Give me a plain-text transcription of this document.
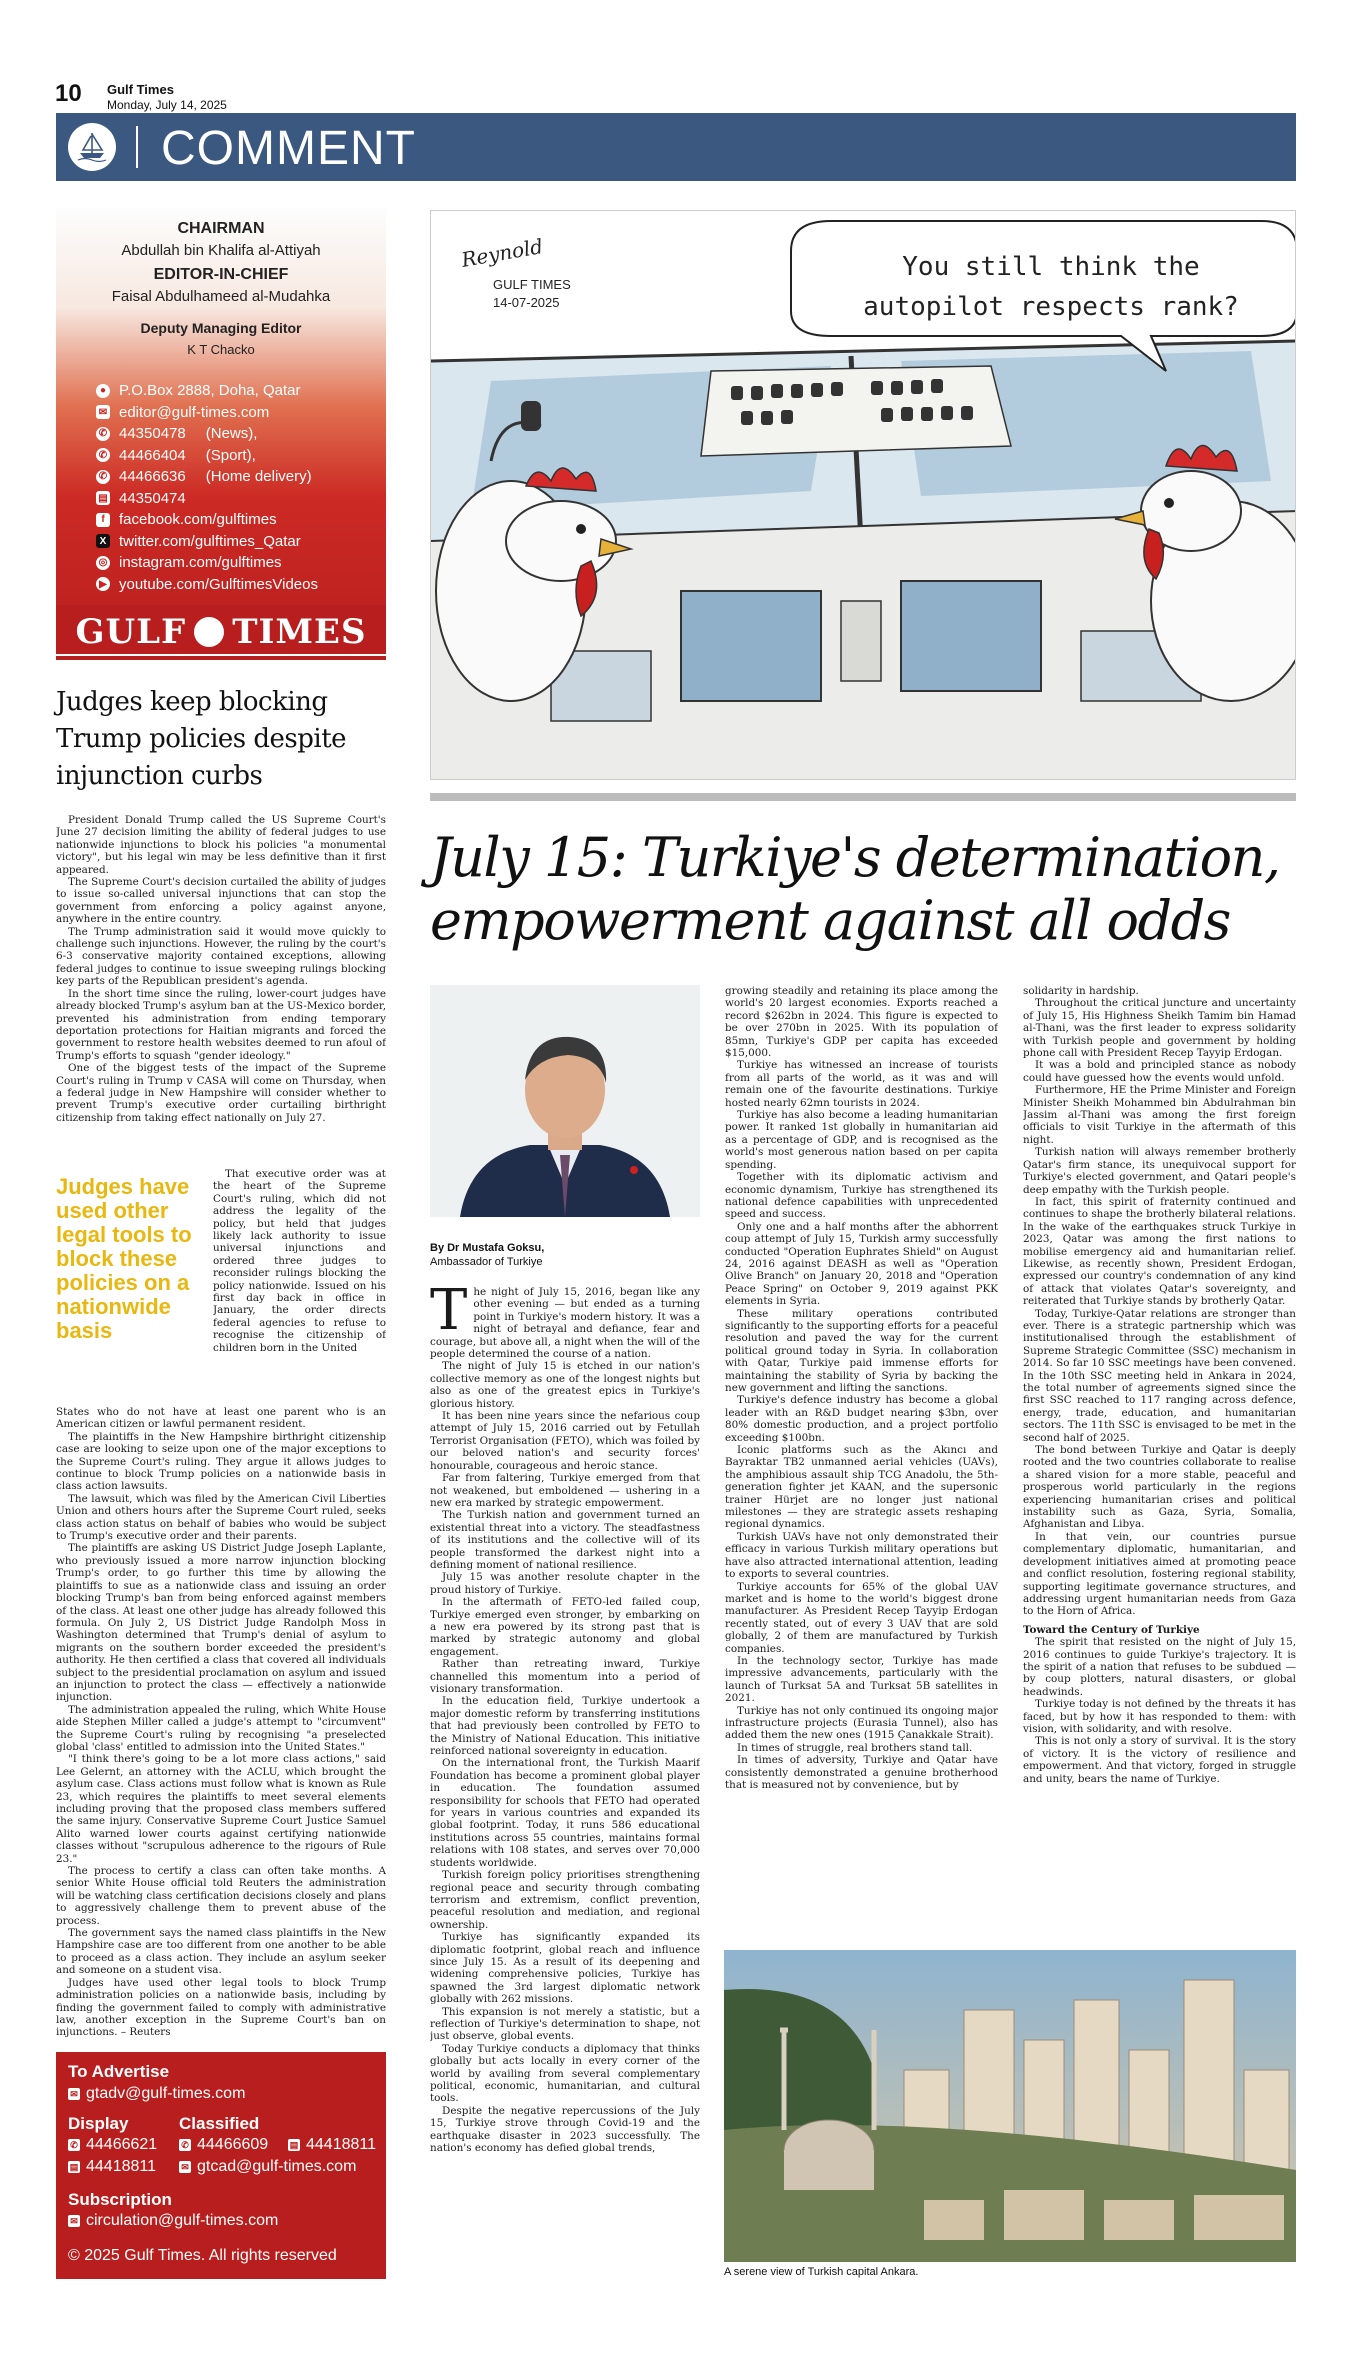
10 Gulf Times
Monday, July 14, 2025
COMMENT
CHAIRMAN
Abdullah bin Khalifa al-Attiyah
EDITOR-IN-CHIEF
Faisal Abdulhameed al-Mudahka
Deputy Managing Editor
K T Chacko
● P.O.Box 2888, Doha, Qatar
✉ editor@gulf-times.com
✆ 44350478 (News),
✆ 44466404 (Sport),
✆ 44466636 (Home delivery)
▤ 44350474
f facebook.com/gulftimes
X twitter.com/gulftimes_Qatar
◎ instagram.com/gulftimes
▶ youtube.com/GulftimesVideos
GULF TIMES
Judges keep blocking Trump policies despite injunction curbs

President Donald Trump called the US Supreme Court's June 27 decision limiting the ability of federal judges to use nationwide injunctions to block his policies "a monumental victory", but his legal win may be less definitive than it first appeared.

The Supreme Court's decision curtailed the ability of judges to issue so-called universal injunctions that can stop the government from enforcing a policy against anyone, anywhere in the entire country.

The Trump administration said it would move quickly to challenge such injunctions. However, the ruling by the court's 6-3 conservative majority contained exceptions, allowing federal judges to continue to issue sweeping rulings blocking key parts of the Republican president's agenda.

In the short time since the ruling, lower-court judges have already blocked Trump's asylum ban at the US-Mexico border, prevented his administration from ending temporary deportation protections for Haitian migrants and forced the government to restore health websites deemed to run afoul of Trump's efforts to squash "gender ideology."

One of the biggest tests of the impact of the Supreme Court's ruling in Trump v CASA will come on Thursday, when a federal judge in New Hampshire will consider whether to prevent Trump's executive order curtailing birthright citizenship from taking effect nationally on July 27.

Judges have used other legal tools to block these policies on a nationwide basis

That executive order was at the heart of the Supreme Court's ruling, which did not address the legality of the policy, but held that judges likely lack authority to issue universal injunctions and ordered three judges to reconsider rulings blocking the policy nationwide. Issued on his first day back in office in January, the order directs federal agencies to refuse to recognise the citizenship of children born in the United

States who do not have at least one parent who is an American citizen or lawful permanent resident.

The plaintiffs in the New Hampshire birthright citizenship case are looking to seize upon one of the major exceptions to the Supreme Court's ruling. They argue it allows judges to continue to block Trump policies on a nationwide basis in class action lawsuits.

The lawsuit, which was filed by the American Civil Liberties Union and others hours after the Supreme Court ruled, seeks class action status on behalf of babies who would be subject to Trump's executive order and their parents.

The plaintiffs are asking US District Judge Joseph Laplante, who previously issued a more narrow injunction blocking Trump's order, to go further this time by allowing the plaintiffs to sue as a nationwide class and issuing an order blocking Trump's ban from being enforced against members of the class. At least one other judge has already followed this formula. On July 2, US District Judge Randolph Moss in Washington determined that Trump's denial of asylum to migrants on the southern border exceeded the president's authority. He then certified a class that covered all individuals subject to the presidential proclamation on asylum and issued an injunction to protect the class — effectively a nationwide injunction.

The administration appealed the ruling, which White House aide Stephen Miller called a judge's attempt to "circumvent" the Supreme Court's ruling by recognising "a preselected global 'class' entitled to admission into the United States."

"I think there's going to be a lot more class actions," said Lee Gelernt, an attorney with the ACLU, which brought the asylum case. Class actions must follow what is known as Rule 23, which requires the plaintiffs to meet several elements including proving that the proposed class members suffered the same injury. Conservative Supreme Court Justice Samuel Alito warned lower courts against certifying nationwide classes without "scrupulous adherence to the rigours of Rule 23."

The process to certify a class can often take months. A senior White House official told Reuters the administration will be watching class certification decisions closely and plans to aggressively challenge them to prevent abuse of the process.

The government says the named class plaintiffs in the New Hampshire case are too different from one another to be able to proceed as a class action. They include an asylum seeker and someone on a student visa.

Judges have used other legal tools to block Trump administration policies on a nationwide basis, including by finding the government failed to comply with administrative law, another exception in the Supreme Court's ban on injunctions. – Reuters

To Advertise
✉ gtadv@gulf-times.com
Display
✆ 44466621
▤ 44418811
Classified
✆ 44466609 ▤ 44418811
✉ gtcad@gulf-times.com
Subscription
✉ circulation@gulf-times.com
© 2025 Gulf Times. All rights reserved
Reynold
GULF TIMES
14-07-2025
You still think the autopilot respects rank?
July 15: Turkiye's determination, empowerment against all odds
By Dr Mustafa Goksu,
Ambassador of Turkiye

The night of July 15, 2016, began like any other evening — but ended as a turning point in Turkiye's modern history. It was a night of betrayal and defiance, fear and courage, but above all, a night when the will of the people determined the course of a nation.

The night of July 15 is etched in our nation's collective memory as one of the longest nights but also as one of the greatest epics in Turkiye's glorious history.

It has been nine years since the nefarious coup attempt of July 15, 2016 carried out by Fetullah Terrorist Organisation (FETO), which was foiled by our beloved nation's and security forces' honourable, courageous and heroic stance.

Far from faltering, Turkiye emerged from that not weakened, but emboldened — ushering in a new era marked by strategic empowerment.

The Turkish nation and government turned an existential threat into a victory. The steadfastness of its institutions and the collective will of its people transformed the darkest night into a defining moment of national resilience.

July 15 was another resolute chapter in the proud history of Turkiye.

In the aftermath of FETO-led failed coup, Turkiye emerged even stronger, by embarking on a new era powered by its strong past that is marked by strategic autonomy and global engagement.

Rather than retreating inward, Turkiye channelled this momentum into a period of visionary transformation.

In the education field, Turkiye undertook a major domestic reform by transferring institutions that had previously been controlled by FETO to the Ministry of National Education. This initiative reinforced national sovereignty in education.

On the international front, the Turkish Maarif Foundation has become a prominent global player in education. The foundation assumed responsibility for schools that FETO had operated for years in various countries and expanded its global footprint. Today, it runs 586 educational institutions across 55 countries, maintains formal relations with 108 states, and serves over 70,000 students worldwide.

Turkish foreign policy prioritises strengthening regional peace and security through combating terrorism and extremism, conflict prevention, peaceful resolution and mediation, and regional ownership.

Turkiye has significantly expanded its diplomatic footprint, global reach and influence since July 15. As a result of its deepening and widening comprehensive policies, Turkiye has spawned the 3rd largest diplomatic network globally with 262 missions.

This expansion is not merely a statistic, but a reflection of Turkiye's determination to shape, not just observe, global events.

Today Turkiye conducts a diplomacy that thinks globally but acts locally in every corner of the world by availing from several complementary political, economic, humanitarian, and cultural tools.

Despite the negative repercussions of the July 15, Turkiye strove through Covid-19 and the earthquake disaster in 2023 successfully. The nation's economy has defied global trends,

growing steadily and retaining its place among the world's 20 largest economies. Exports reached a record $262bn in 2024. This figure is expected to be over 270bn in 2025. With its population of 85mn, Turkiye's GDP per capita has exceeded $15,000.

Turkiye has witnessed an increase of tourists from all parts of the world, as it was and will remain one of the favourite destinations. Turkiye hosted nearly 62mn tourists in 2024.

Turkiye has also become a leading humanitarian power. It ranked 1st globally in humanitarian aid as a percentage of GDP, and is recognised as the world's most generous nation based on per capita spending.

Together with its diplomatic activism and economic dynamism, Turkiye has strengthened its national defence capabilities with unprecedented speed and success.

Only one and a half months after the abhorrent coup attempt of July 15, Turkish army successfully conducted "Operation Euphrates Shield" on August 24, 2016 against DEASH as well as "Operation Olive Branch" on January 20, 2018 and "Operation Peace Spring" on October 9, 2019 against PKK elements in Syria.

These military operations contributed significantly to the supporting efforts for a peaceful resolution and paved the way for the current political ground today in Syria. In collaboration with Qatar, Turkiye paid immense efforts for maintaining the stability of Syria by backing the new government and lifting the sanctions.

Turkiye's defence industry has become a global leader with an R&D budget nearing $3bn, over 80% domestic production, and a project portfolio exceeding $100bn.

Iconic platforms such as the Akıncı and Bayraktar TB2 unmanned aerial vehicles (UAVs), the amphibious assault ship TCG Anadolu, the 5th-generation fighter jet KAAN, and the supersonic trainer Hürjet are no longer just national milestones — they are strategic assets reshaping regional dynamics.

Turkish UAVs have not only demonstrated their efficacy in various Turkish military operations but have also attracted international attention, leading to exports to several countries.

Turkiye accounts for 65% of the global UAV market and is home to the world's biggest drone manufacturer. As President Recep Tayyip Erdogan recently stated, out of every 3 UAV that are sold globally, 2 of them are manufactured by Turkish companies.

In the technology sector, Turkiye has made impressive advancements, particularly with the launch of Turksat 5A and Turksat 5B satellites in 2021.

Turkiye has not only continued its ongoing major infrastructure projects (Eurasia Tunnel), also has added them the new ones (1915 Çanakkale Strait).

In times of struggle, real brothers stand tall.

In times of adversity, Turkiye and Qatar have consistently demonstrated a genuine brotherhood that is measured not by convenience, but by

solidarity in hardship.

Throughout the critical juncture and uncertainty of July 15, His Highness Sheikh Tamim bin Hamad al-Thani, was the first leader to express solidarity with Turkish people and government by holding phone call with President Recep Tayyip Erdogan.

It was a bold and principled stance as nobody could have guessed how the events would unfold.

Furthermore, HE the Prime Minister and Foreign Minister Sheikh Mohammed bin Abdulrahman bin Jassim al-Thani was among the first foreign officials to visit Turkiye in the aftermath of this night.

Turkish nation will always remember brotherly Qatar's firm stance, its unequivocal support for Turkiye's elected government, and Qatari people's deep empathy with the Turkish people.

In fact, this spirit of fraternity continued and continues to shape the brotherly bilateral relations. In the wake of the earthquakes struck Turkiye in 2023, Qatar was among the first nations to mobilise emergency aid and humanitarian relief. Likewise, as recently shown, President Erdogan, expressed our country's condemnation of any kind of attack that violates Qatar's sovereignty, and reiterated that Turkiye stands by brotherly Qatar.

Today, Turkiye-Qatar relations are stronger than ever. There is a strategic partnership which was institutionalised through the establishment of Supreme Strategic Committee (SSC) mechanism in 2014. So far 10 SSC meetings have been convened. In the 10th SSC meeting held in Ankara in 2024, the total number of agreements signed since the first SSC reached to 117 ranging across defence, energy, trade, education, and humanitarian sectors. The 11th SSC is envisaged to be met in the second half of 2025.

The bond between Turkiye and Qatar is deeply rooted and the two countries collaborate to realise a shared vision for a more stable, peaceful and prosperous world particularly in the regions experiencing humanitarian crises and political instability such as Gaza, Syria, Somalia, Afghanistan and Libya.

In that vein, our countries pursue complementary diplomatic, humanitarian, and development initiatives aimed at promoting peace and conflict resolution, fostering regional stability, supporting legitimate governance structures, and addressing urgent humanitarian needs from Gaza to the Horn of Africa.

Toward the Century of Turkiye

The spirit that resisted on the night of July 15, 2016 continues to guide Turkiye's trajectory. It is the spirit of a nation that refuses to be subdued — by coup plotters, natural disasters, or global headwinds.

Turkiye today is not defined by the threats it has faced, but by how it has responded to them: with vision, with solidarity, and with resolve.

This is not only a story of survival. It is the story of victory. It is the victory of resilience and empowerment. And that victory, forged in struggle and unity, bears the name of Turkiye.

A serene view of Turkish capital Ankara.
